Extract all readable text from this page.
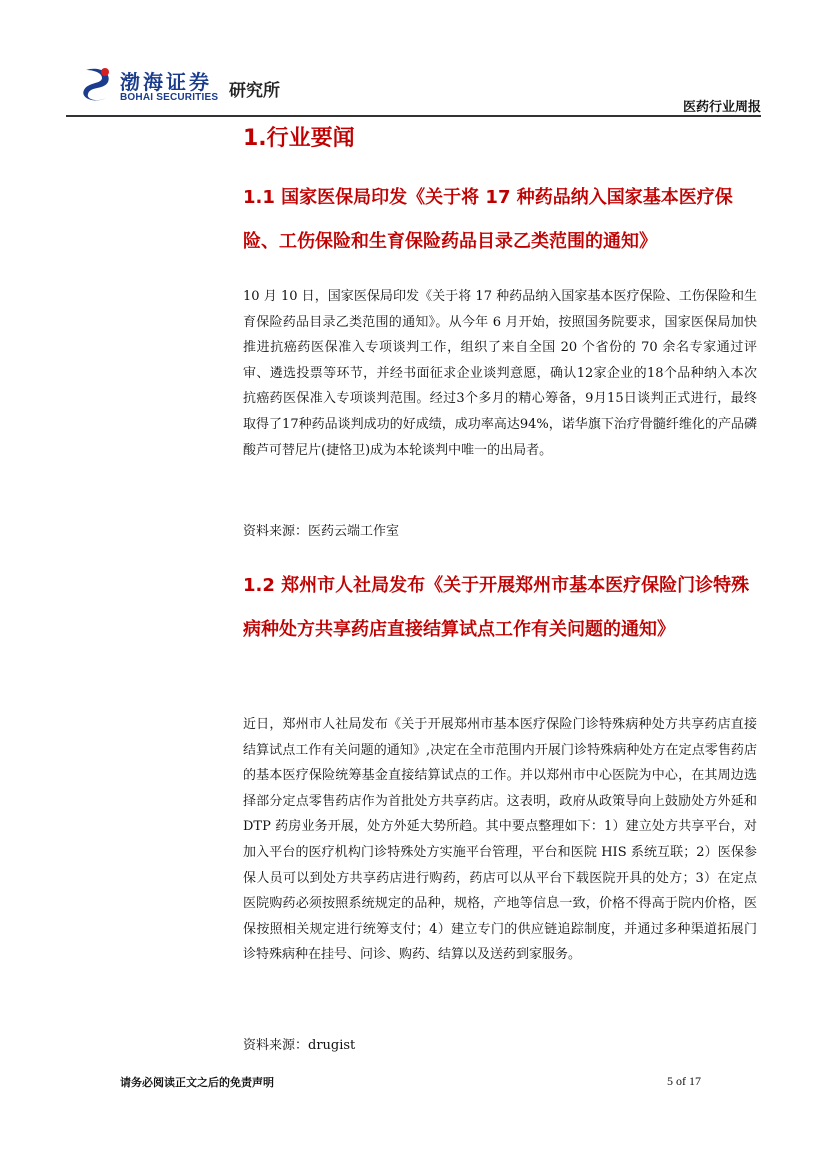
渤海证券
BOHAI SECURITIES 研究所
医药行业周报
1.行业要闻
1.1 国家医保局印发《关于将 17 种药品纳入国家基本医疗保险、工伤保险和生育保险药品目录乙类范围的通知》

10 月 10 日，国家医保局印发《关于将 17 种药品纳入国家基本医疗保险、工伤保险和生育保险药品目录乙类范围的通知》。从今年 6 月开始，按照国务院要求，国家医保局加快推进抗癌药医保准入专项谈判工作，组织了来自全国 20 个省份的 70 余名专家通过评审、遴选投票等环节，并经书面征求企业谈判意愿，确认12家企业的18个品种纳入本次抗癌药医保准入专项谈判范围。经过3个多月的精心筹备，9月15日谈判正式进行，最终取得了17种药品谈判成功的好成绩，成功率高达94%，诺华旗下治疗骨髓纤维化的产品磷酸芦可替尼片(捷恪卫)成为本轮谈判中唯一的出局者。

资料来源：医药云端工作室

1.2 郑州市人社局发布《关于开展郑州市基本医疗保险门诊特殊病种处方共享药店直接结算试点工作有关问题的通知》

近日，郑州市人社局发布《关于开展郑州市基本医疗保险门诊特殊病种处方共享药店直接结算试点工作有关问题的通知》,决定在全市范围内开展门诊特殊病种处方在定点零售药店的基本医疗保险统筹基金直接结算试点的工作。并以郑州市中心医院为中心，在其周边选择部分定点零售药店作为首批处方共享药店。这表明，政府从政策导向上鼓励处方外延和 DTP 药房业务开展，处方外延大势所趋。其中要点整理如下：1）建立处方共享平台，对加入平台的医疗机构门诊特殊处方实施平台管理，平台和医院 HIS 系统互联；2）医保参保人员可以到处方共享药店进行购药，药店可以从平台下载医院开具的处方；3）在定点医院购药必须按照系统规定的品种，规格，产地等信息一致，价格不得高于院内价格，医保按照相关规定进行统筹支付；4）建立专门的供应链追踪制度，并通过多种渠道拓展门诊特殊病种在挂号、问诊、购药、结算以及送药到家服务。

资料来源：drugist

请务必阅读正文之后的免责声明	5 of 17
